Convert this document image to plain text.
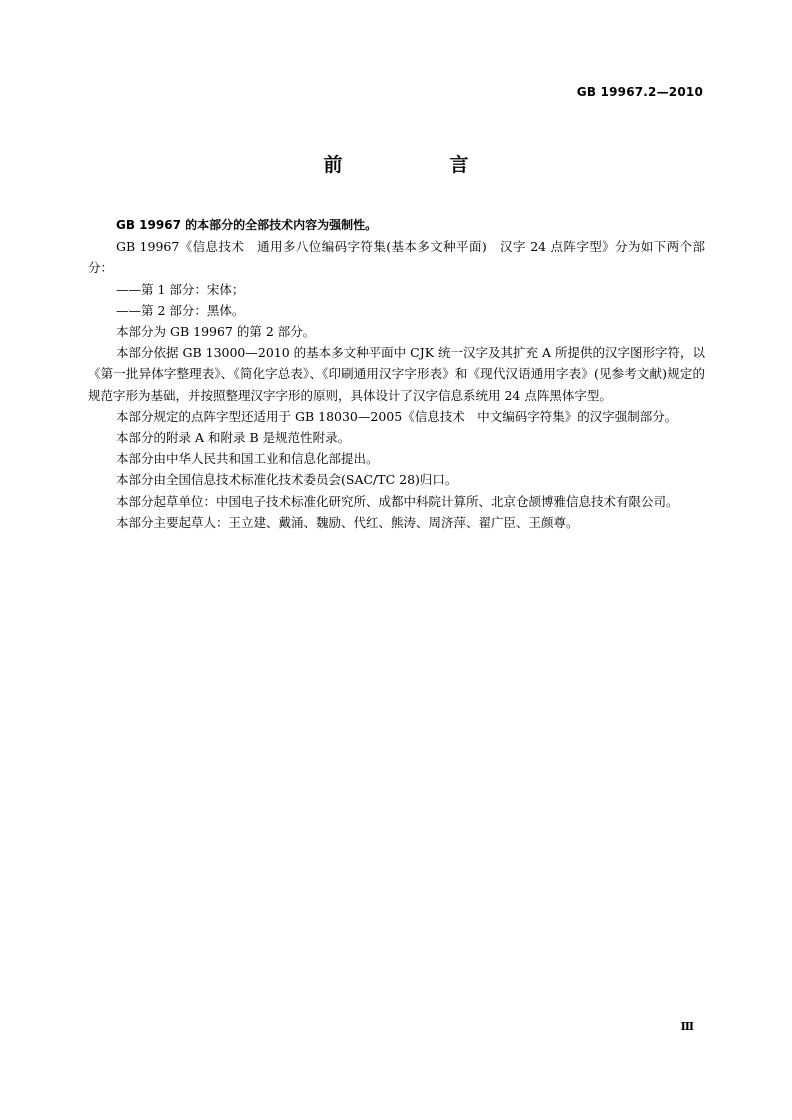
GB 19967.2—2010
前　言

GB 19967 的本部分的全部技术内容为强制性。

GB 19967《信息技术　通用多八位编码字符集(基本多文种平面)　汉字 24 点阵字型》分为如下两个部分：

——第 1 部分：宋体；

——第 2 部分：黑体。

本部分为 GB 19967 的第 2 部分。

本部分依据 GB 13000—2010 的基本多文种平面中 CJK 统一汉字及其扩充 A 所提供的汉字图形字符，以《第一批异体字整理表》、《简化字总表》、《印刷通用汉字字形表》和《现代汉语通用字表》(见参考文献)规定的规范字形为基础，并按照整理汉字字形的原则，具体设计了汉字信息系统用 24 点阵黑体字型。

本部分规定的点阵字型还适用于 GB 18030—2005《信息技术　中文编码字符集》的汉字强制部分。

本部分的附录 A 和附录 B 是规范性附录。

本部分由中华人民共和国工业和信息化部提出。

本部分由全国信息技术标准化技术委员会(SAC/TC 28)归口。

本部分起草单位：中国电子技术标准化研究所、成都中科院计算所、北京仓颉博雅信息技术有限公司。

本部分主要起草人：王立建、戴涌、魏励、代红、熊涛、周济萍、翟广臣、王颜尊。

Ⅲ
